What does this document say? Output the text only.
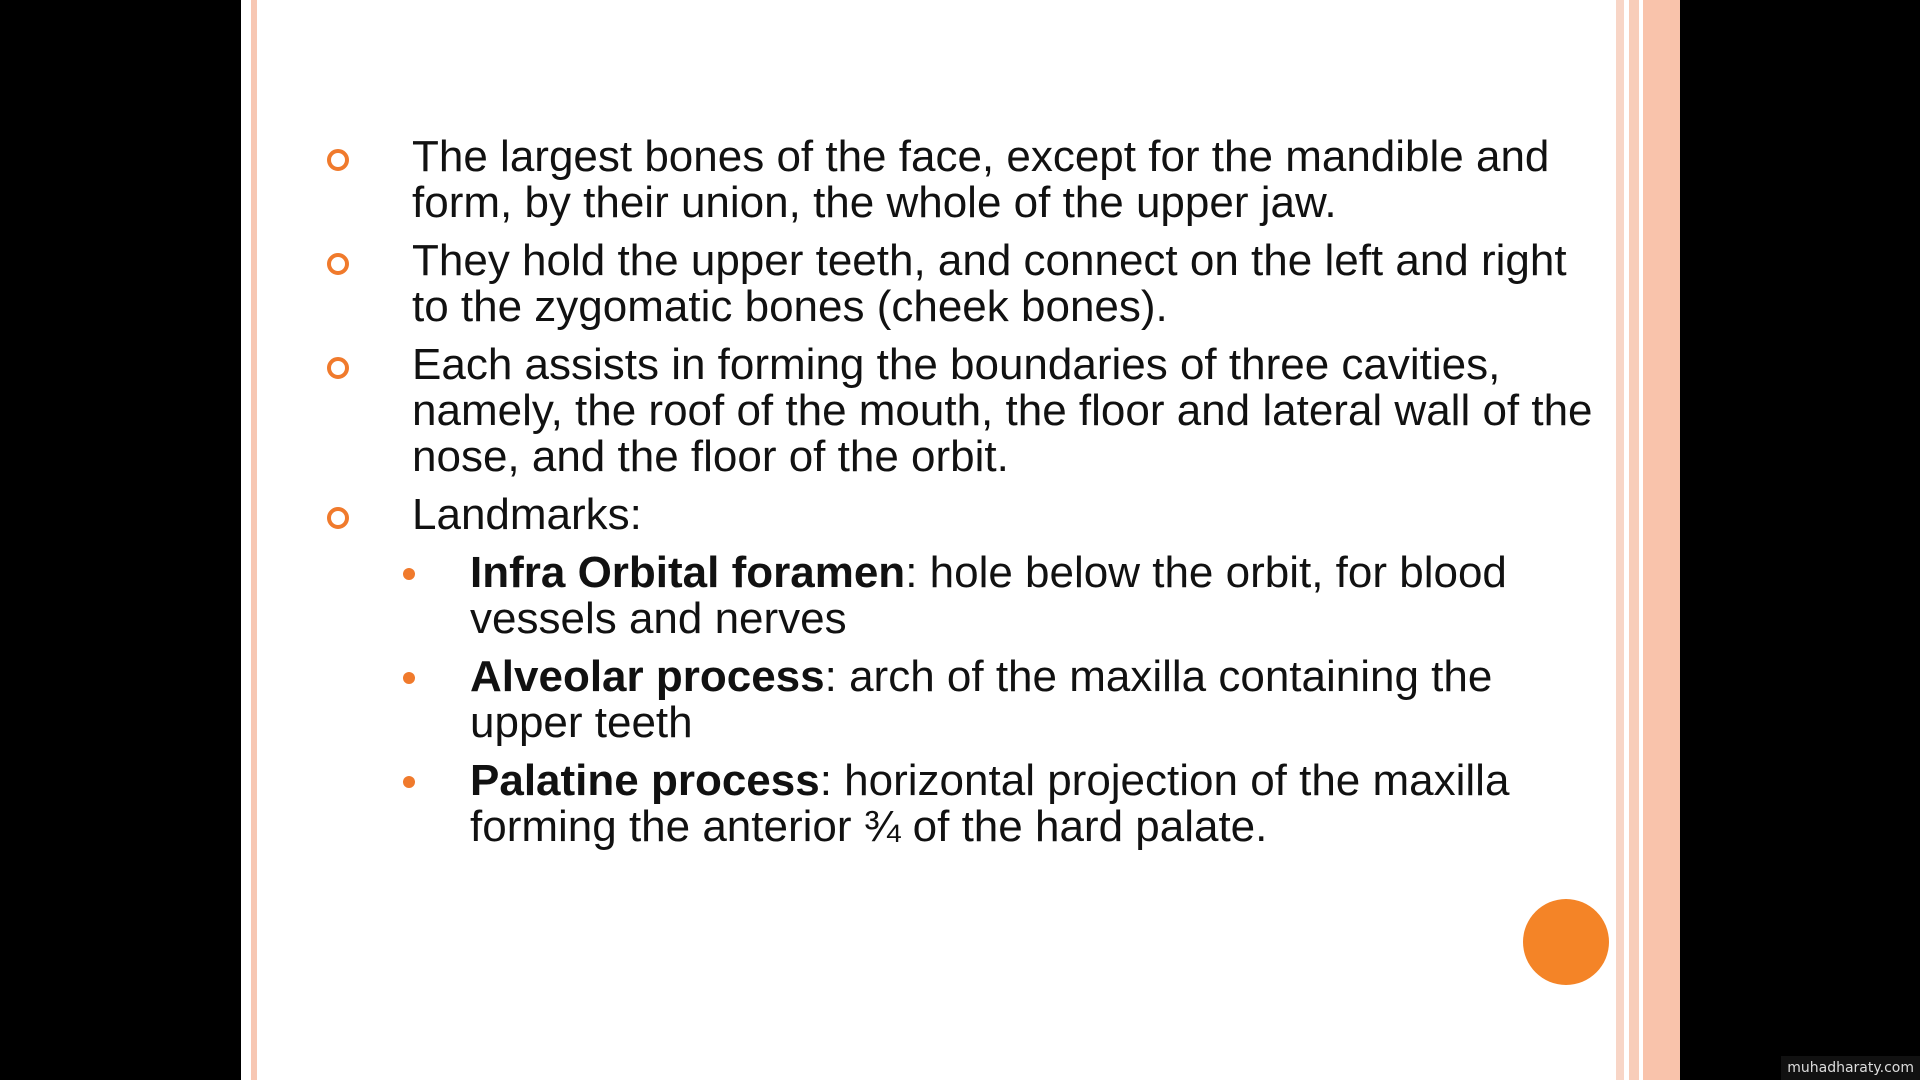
The largest bones of the face, except for the mandible and form, by their union, the whole of the upper jaw.
They hold the upper teeth, and connect on the left and right to the zygomatic bones (cheek bones).
Each assists in forming the boundaries of three cavities, namely, the roof of the mouth, the floor and lateral wall of the nose, and the floor of the orbit.
Landmarks:
Infra Orbital foramen: hole below the orbit, for blood vessels and nerves
Alveolar process: arch of the maxilla containing the upper teeth
Palatine process: horizontal projection of the maxilla forming the anterior ¾ of the hard palate.
muhadharaty.com
